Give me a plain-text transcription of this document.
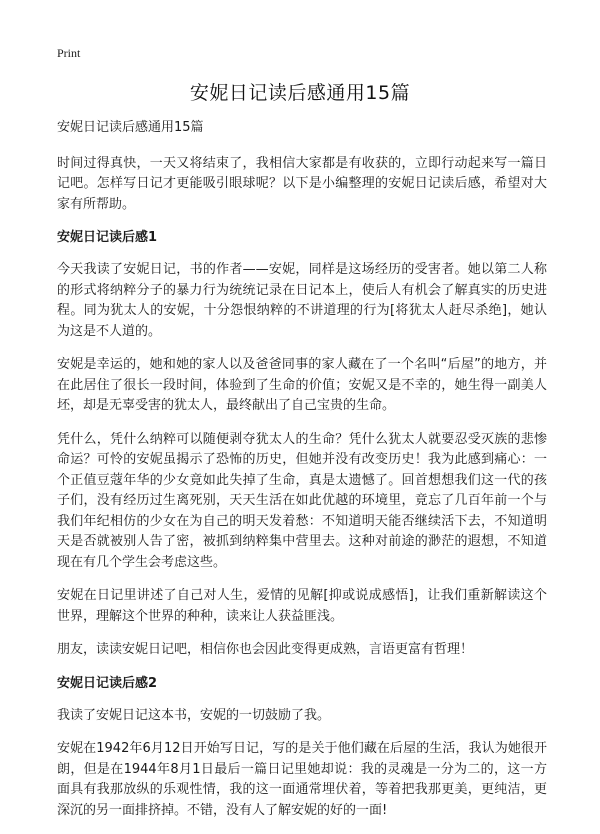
Print
安妮日记读后感通用15篇

安妮日记读后感通用15篇

时间过得真快，一天又将结束了，我相信大家都是有收获的，立即行动起来写一篇日记吧。怎样写日记才更能吸引眼球呢？以下是小编整理的安妮日记读后感，希望对大家有所帮助。

安妮日记读后感1

今天我读了安妮日记，书的作者——安妮，同样是这场经历的受害者。她以第二人称的形式将纳粹分子的暴力行为统统记录在日记本上，使后人有机会了解真实的历史进程。同为犹太人的安妮，十分怨恨纳粹的不讲道理的行为[将犹太人赶尽杀绝]，她认为这是不人道的。

安妮是幸运的，她和她的家人以及爸爸同事的家人藏在了一个名叫“后屋”的地方，并在此居住了很长一段时间，体验到了生命的价值；安妮又是不幸的，她生得一副美人坯，却是无辜受害的犹太人，最终献出了自己宝贵的生命。

凭什么，凭什么纳粹可以随便剥夺犹太人的生命？凭什么犹太人就要忍受灭族的悲惨命运？可怜的安妮虽揭示了恐怖的历史，但她并没有改变历史！我为此感到痛心：一个正值豆蔻年华的少女竟如此失掉了生命，真是太遗憾了。回首想想我们这一代的孩子们，没有经历过生离死别，天天生活在如此优越的环境里，竟忘了几百年前一个与我们年纪相仿的少女在为自己的明天发着愁：不知道明天能否继续活下去，不知道明天是否就被别人告了密，被抓到纳粹集中营里去。这种对前途的渺茫的遐想，不知道现在有几个学生会考虑这些。

安妮在日记里讲述了自己对人生，爱情的见解[抑或说成感悟]，让我们重新解读这个世界，理解这个世界的种种，读来让人获益匪浅。

朋友，读读安妮日记吧，相信你也会因此变得更成熟，言语更富有哲理！

安妮日记读后感2

我读了安妮日记这本书，安妮的一切鼓励了我。

安妮在1942年6月12日开始写日记，写的是关于他们藏在后屋的生活，我认为她很开朗，但是在1944年8月1日最后一篇日记里她却说：我的灵魂是一分为二的，这一方面具有我那放纵的乐观性情，我的这一面通常埋伏着，等着把我那更美，更纯洁，更深沉的另一面排挤掉。不错，没有人了解安妮的好的一面!
